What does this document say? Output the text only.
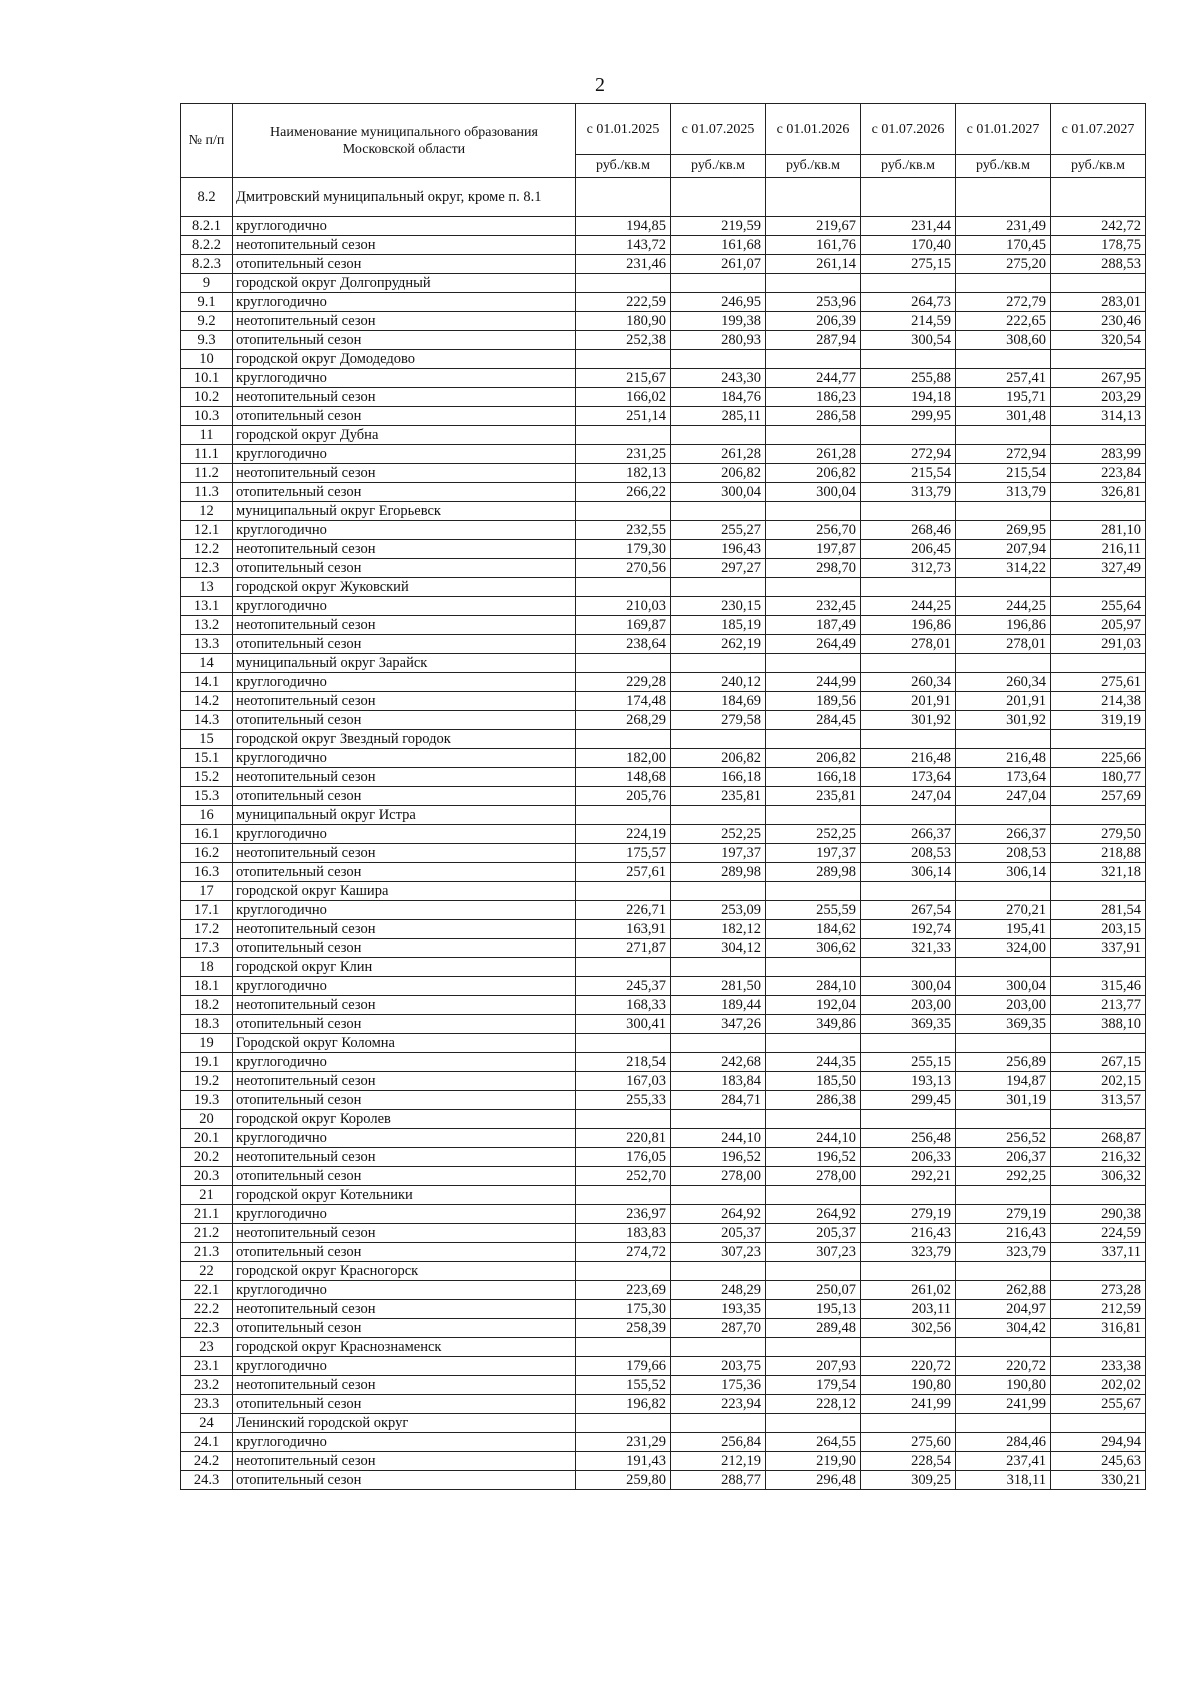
2
№ п/п	Наименование муниципального образования Московской области	с 01.01.2025	с 01.07.2025	с 01.01.2026	с 01.07.2026	с 01.01.2027	с 01.07.2027
		руб./кв.м	руб./кв.м	руб./кв.м	руб./кв.м	руб./кв.м	руб./кв.м
8.2	Дмитровский муниципальный округ, кроме п. 8.1						
8.2.1	круглогодично	194,85	219,59	219,67	231,44	231,49	242,72
8.2.2	неотопительный сезон	143,72	161,68	161,76	170,40	170,45	178,75
8.2.3	отопительный сезон	231,46	261,07	261,14	275,15	275,20	288,53
9	городской округ Долгопрудный						
9.1	круглогодично	222,59	246,95	253,96	264,73	272,79	283,01
9.2	неотопительный сезон	180,90	199,38	206,39	214,59	222,65	230,46
9.3	отопительный сезон	252,38	280,93	287,94	300,54	308,60	320,54
10	городской округ Домодедово						
10.1	круглогодично	215,67	243,30	244,77	255,88	257,41	267,95
10.2	неотопительный сезон	166,02	184,76	186,23	194,18	195,71	203,29
10.3	отопительный сезон	251,14	285,11	286,58	299,95	301,48	314,13
11	городской округ Дубна						
11.1	круглогодично	231,25	261,28	261,28	272,94	272,94	283,99
11.2	неотопительный сезон	182,13	206,82	206,82	215,54	215,54	223,84
11.3	отопительный сезон	266,22	300,04	300,04	313,79	313,79	326,81
12	муниципальный округ Егорьевск						
12.1	круглогодично	232,55	255,27	256,70	268,46	269,95	281,10
12.2	неотопительный сезон	179,30	196,43	197,87	206,45	207,94	216,11
12.3	отопительный сезон	270,56	297,27	298,70	312,73	314,22	327,49
13	городской округ Жуковский						
13.1	круглогодично	210,03	230,15	232,45	244,25	244,25	255,64
13.2	неотопительный сезон	169,87	185,19	187,49	196,86	196,86	205,97
13.3	отопительный сезон	238,64	262,19	264,49	278,01	278,01	291,03
14	муниципальный округ Зарайск						
14.1	круглогодично	229,28	240,12	244,99	260,34	260,34	275,61
14.2	неотопительный сезон	174,48	184,69	189,56	201,91	201,91	214,38
14.3	отопительный сезон	268,29	279,58	284,45	301,92	301,92	319,19
15	городской округ Звездный городок						
15.1	круглогодично	182,00	206,82	206,82	216,48	216,48	225,66
15.2	неотопительный сезон	148,68	166,18	166,18	173,64	173,64	180,77
15.3	отопительный сезон	205,76	235,81	235,81	247,04	247,04	257,69
16	муниципальный округ Истра						
16.1	круглогодично	224,19	252,25	252,25	266,37	266,37	279,50
16.2	неотопительный сезон	175,57	197,37	197,37	208,53	208,53	218,88
16.3	отопительный сезон	257,61	289,98	289,98	306,14	306,14	321,18
17	городской округ Кашира						
17.1	круглогодично	226,71	253,09	255,59	267,54	270,21	281,54
17.2	неотопительный сезон	163,91	182,12	184,62	192,74	195,41	203,15
17.3	отопительный сезон	271,87	304,12	306,62	321,33	324,00	337,91
18	городской округ Клин						
18.1	круглогодично	245,37	281,50	284,10	300,04	300,04	315,46
18.2	неотопительный сезон	168,33	189,44	192,04	203,00	203,00	213,77
18.3	отопительный сезон	300,41	347,26	349,86	369,35	369,35	388,10
19	Городской округ Коломна						
19.1	круглогодично	218,54	242,68	244,35	255,15	256,89	267,15
19.2	неотопительный сезон	167,03	183,84	185,50	193,13	194,87	202,15
19.3	отопительный сезон	255,33	284,71	286,38	299,45	301,19	313,57
20	городской округ Королев						
20.1	круглогодично	220,81	244,10	244,10	256,48	256,52	268,87
20.2	неотопительный сезон	176,05	196,52	196,52	206,33	206,37	216,32
20.3	отопительный сезон	252,70	278,00	278,00	292,21	292,25	306,32
21	городской округ Котельники						
21.1	круглогодично	236,97	264,92	264,92	279,19	279,19	290,38
21.2	неотопительный сезон	183,83	205,37	205,37	216,43	216,43	224,59
21.3	отопительный сезон	274,72	307,23	307,23	323,79	323,79	337,11
22	городской округ Красногорск						
22.1	круглогодично	223,69	248,29	250,07	261,02	262,88	273,28
22.2	неотопительный сезон	175,30	193,35	195,13	203,11	204,97	212,59
22.3	отопительный сезон	258,39	287,70	289,48	302,56	304,42	316,81
23	городской округ Краснознаменск						
23.1	круглогодично	179,66	203,75	207,93	220,72	220,72	233,38
23.2	неотопительный сезон	155,52	175,36	179,54	190,80	190,80	202,02
23.3	отопительный сезон	196,82	223,94	228,12	241,99	241,99	255,67
24	Ленинский городской округ						
24.1	круглогодично	231,29	256,84	264,55	275,60	284,46	294,94
24.2	неотопительный сезон	191,43	212,19	219,90	228,54	237,41	245,63
24.3	отопительный сезон	259,80	288,77	296,48	309,25	318,11	330,21
